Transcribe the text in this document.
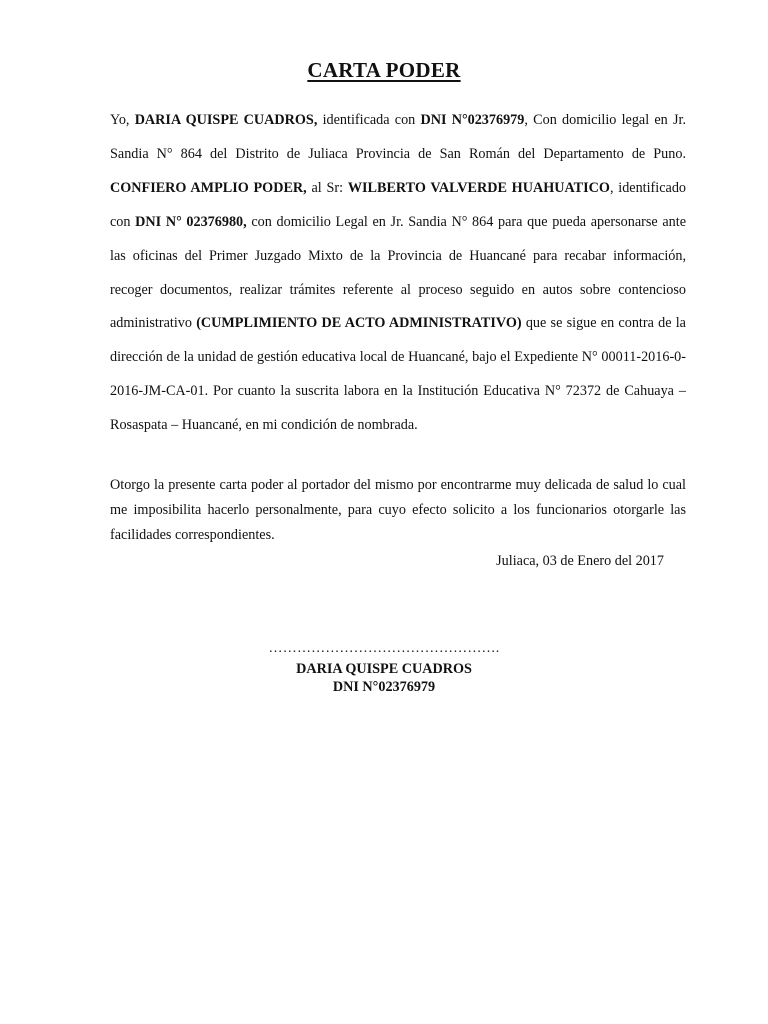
CARTA PODER
Yo, DARIA QUISPE CUADROS, identificada con DNI N°02376979, Con domicilio legal en Jr. Sandia N° 864 del Distrito de Juliaca Provincia de San Román del Departamento de Puno. CONFIERO AMPLIO PODER, al Sr: WILBERTO VALVERDE HUAHUATICO, identificado con DNI N° 02376980, con domicilio Legal en Jr. Sandia N° 864 para que pueda apersonarse ante las oficinas del Primer Juzgado Mixto de la Provincia de Huancané para recabar información, recoger documentos, realizar trámites referente al proceso seguido en autos sobre contencioso administrativo (CUMPLIMIENTO DE ACTO ADMINISTRATIVO) que se sigue en contra de la dirección de la unidad de gestión educativa local de Huancané, bajo el Expediente N° 00011-2016-0-2016-JM-CA-01. Por cuanto la suscrita labora en la Institución Educativa N° 72372 de Cahuaya – Rosaspata – Huancané, en mi condición de nombrada.
Otorgo la presente carta poder al portador del mismo por encontrarme muy delicada de salud lo cual me imposibilita hacerlo personalmente, para cuyo efecto solicito a los funcionarios otorgarle las facilidades correspondientes.
Juliaca, 03 de Enero del 2017
………………………………………….
DARIA QUISPE CUADROS
DNI N°02376979
